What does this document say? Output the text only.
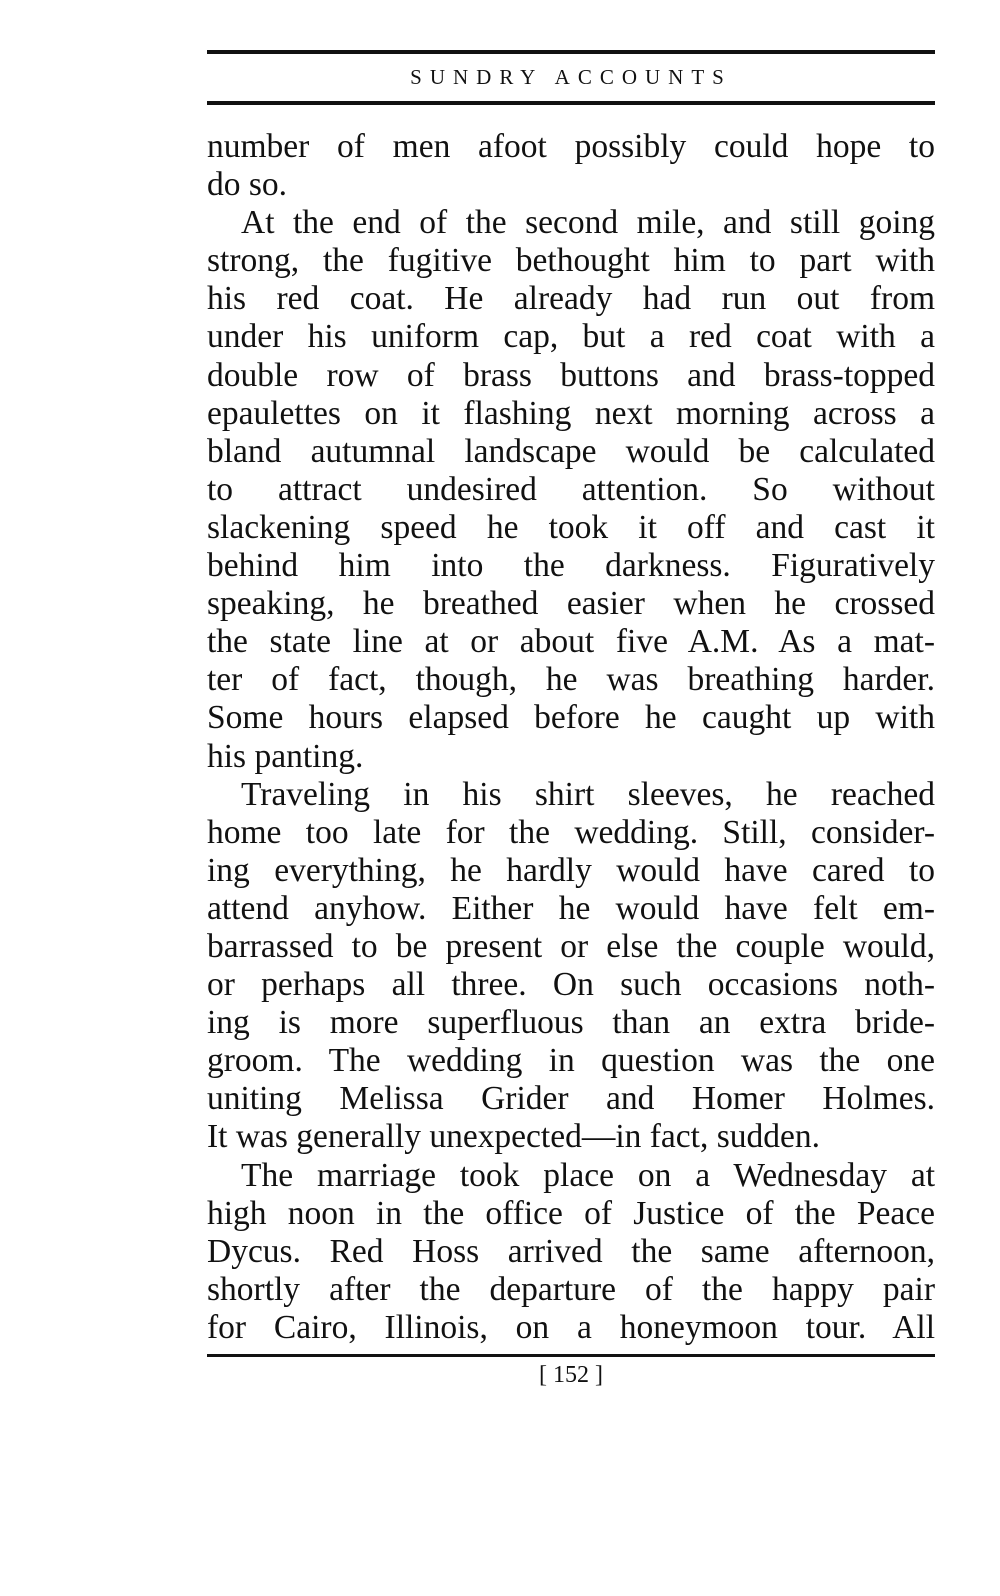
SUNDRY ACCOUNTS

number of men afoot possibly could hope to
do so.
At the end of the second mile, and still going
strong, the fugitive bethought him to part with
his red coat. He already had run out from
under his uniform cap, but a red coat with a
double row of brass buttons and brass-topped
epaulettes on it flashing next morning across a
bland autumnal landscape would be calculated
to attract undesired attention. So without
slackening speed he took it off and cast it
behind him into the darkness. Figuratively
speaking, he breathed easier when he crossed
the state line at or about five A.M. As a mat-
ter of fact, though, he was breathing harder.
Some hours elapsed before he caught up with
his panting.
Traveling in his shirt sleeves, he reached
home too late for the wedding. Still, consider-
ing everything, he hardly would have cared to
attend anyhow. Either he would have felt em-
barrassed to be present or else the couple would,
or perhaps all three. On such occasions noth-
ing is more superfluous than an extra bride-
groom. The wedding in question was the one
uniting Melissa Grider and Homer Holmes.
It was generally unexpected—in fact, sudden.
The marriage took place on a Wednesday at
high noon in the office of Justice of the Peace
Dycus. Red Hoss arrived the same afternoon,
shortly after the departure of the happy pair
for Cairo, Illinois, on a honeymoon tour. All

[ 152 ]
